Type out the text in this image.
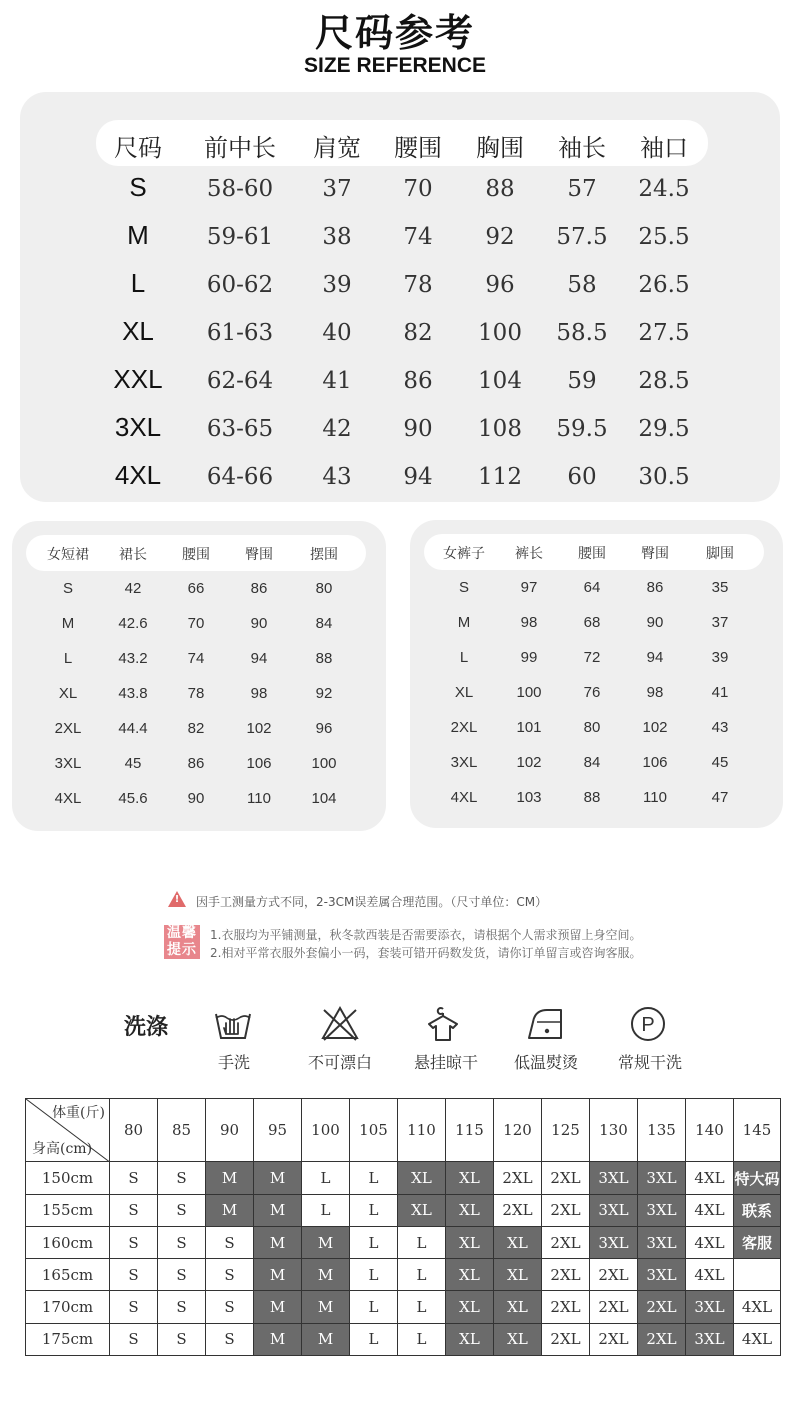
尺码参考
SIZE REFERENCE
尺码	前中长	肩宽	腰围	胸围	袖长	袖口
S	58-60	37	70	88	57	24.5
M	59-61	38	74	92	57.5	25.5
L	60-62	39	78	96	58	26.5
XL	61-63	40	82	100	58.5	27.5
XXL	62-64	41	86	104	59	28.5
3XL	63-65	42	90	108	59.5	29.5
4XL	64-66	43	94	112	60	30.5
女短裙	裙长	腰围	臀围	摆围
S	42	66	86	80
M	42.6	70	90	84
L	43.2	74	94	88
XL	43.8	78	98	92
2XL	44.4	82	102	96
3XL	45	86	106	100
4XL	45.6	90	110	104
女裤子	裤长	腰围	臀围	脚围
S	97	64	86	35
M	98	68	90	37
L	99	72	94	39
XL	100	76	98	41
2XL	101	80	102	43
3XL	102	84	106	45
4XL	103	88	110	47
! 因手工测量方式不同，2-3CM误差属合理范围。（尺寸单位：CM）
温馨提示
1.衣服均为平铺测量，秋冬款西装是否需要添衣，请根据个人需求预留上身空间。
2.相对平常衣服外套偏小一码，套装可错开码数发货，请你订单留言或咨询客服。
洗涤	P
手洗	不可漂白	悬挂晾干	低温熨烫	常规干洗
体重(斤)
身高(cm)	80	85	90	95	100	105	110	115	120	125	130	135	140	145
150cm	S	S	M	M	L	L	XL	XL	2XL	2XL	3XL	3XL	4XL	特大码
155cm	S	S	M	M	L	L	XL	XL	2XL	2XL	3XL	3XL	4XL	联系
160cm	S	S	S	M	M	L	L	XL	XL	2XL	3XL	3XL	4XL	客服
165cm	S	S	S	M	M	L	L	XL	XL	2XL	2XL	3XL	4XL	
170cm	S	S	S	M	M	L	L	XL	XL	2XL	2XL	2XL	3XL	4XL
175cm	S	S	S	M	M	L	L	XL	XL	2XL	2XL	2XL	3XL	4XL
